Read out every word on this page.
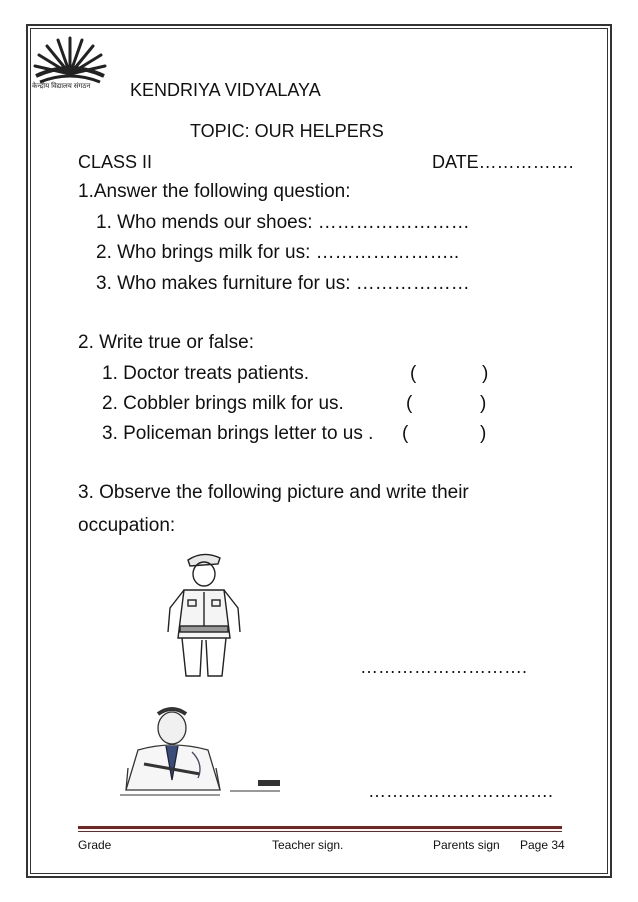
केन्द्रीय विद्यालय संगठन KENDRIYA VIDYALAYA
TOPIC: OUR HELPERS
CLASS II	DATE…………….
1.Answer the following question:
1. Who mends our shoes: ……………………
2. Who brings milk for us: …………………..
3. Who makes furniture for us: ………………
2. Write true or false:
1. Doctor treats patients.	(	)
2. Cobbler brings milk for us.	(	)
3. Policeman brings letter to us . (	)
3. Observe the following picture and write their
occupation:
……………………….
………………………….
Grade	Teacher sign.	Parents sign Page 34
